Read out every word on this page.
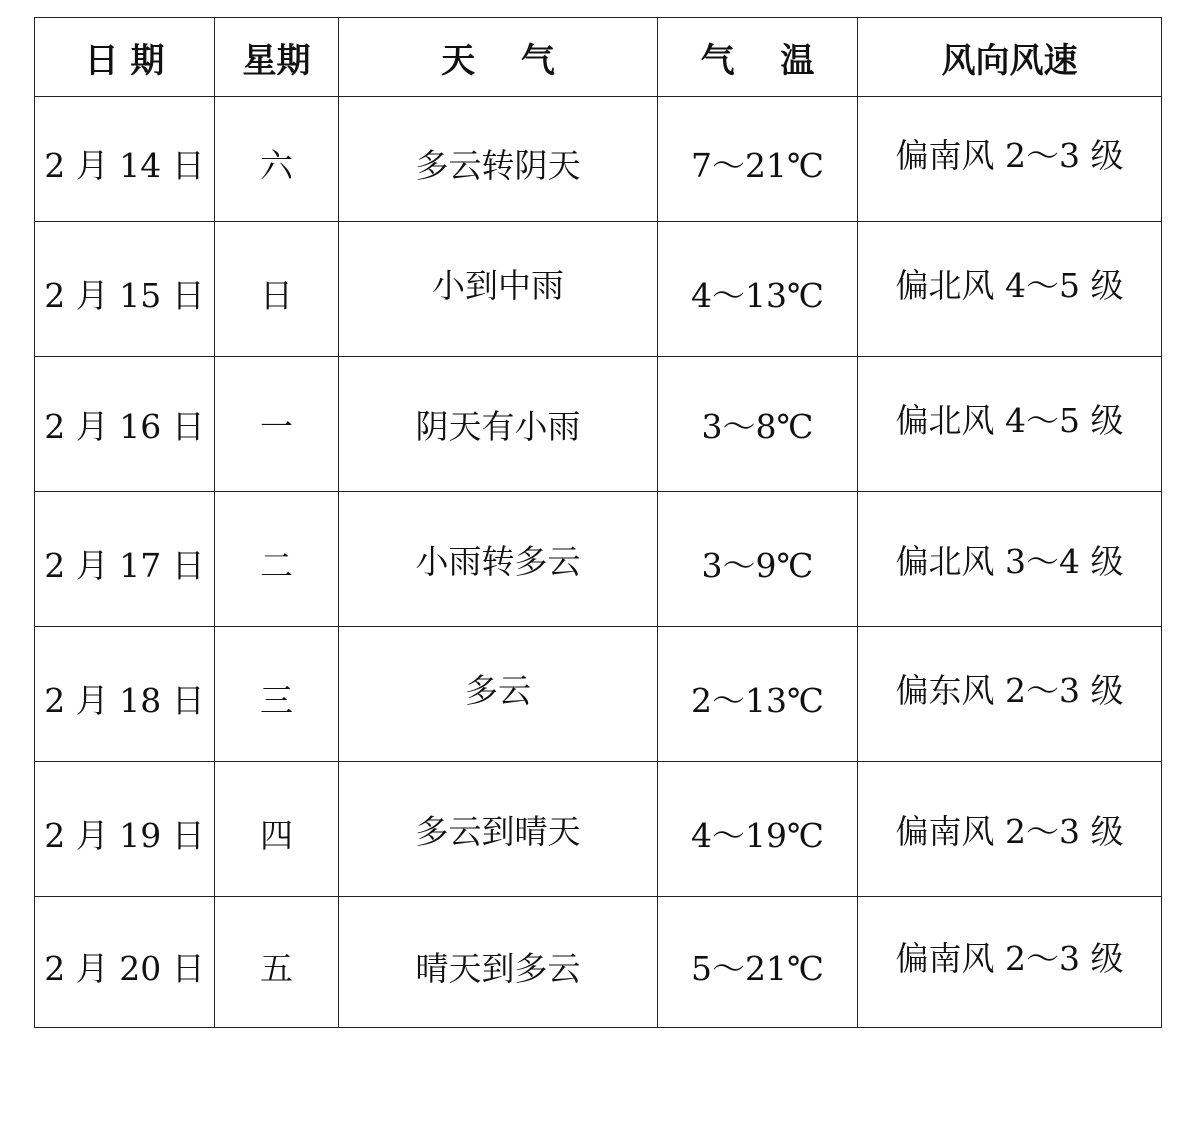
日 期	星期	天　 气	气　 温	风向风速
2 月 14 日	六	多云转阴天	7～21℃	偏南风 2～3 级
2 月 15 日	日	小到中雨	4～13℃	偏北风 4～5 级
2 月 16 日	一	阴天有小雨	3～8℃	偏北风 4～5 级
2 月 17 日	二	小雨转多云	3～9℃	偏北风 3～4 级
2 月 18 日	三	多云	2～13℃	偏东风 2～3 级
2 月 19 日	四	多云到晴天	4～19℃	偏南风 2～3 级
2 月 20 日	五	晴天到多云	5～21℃	偏南风 2～3 级
